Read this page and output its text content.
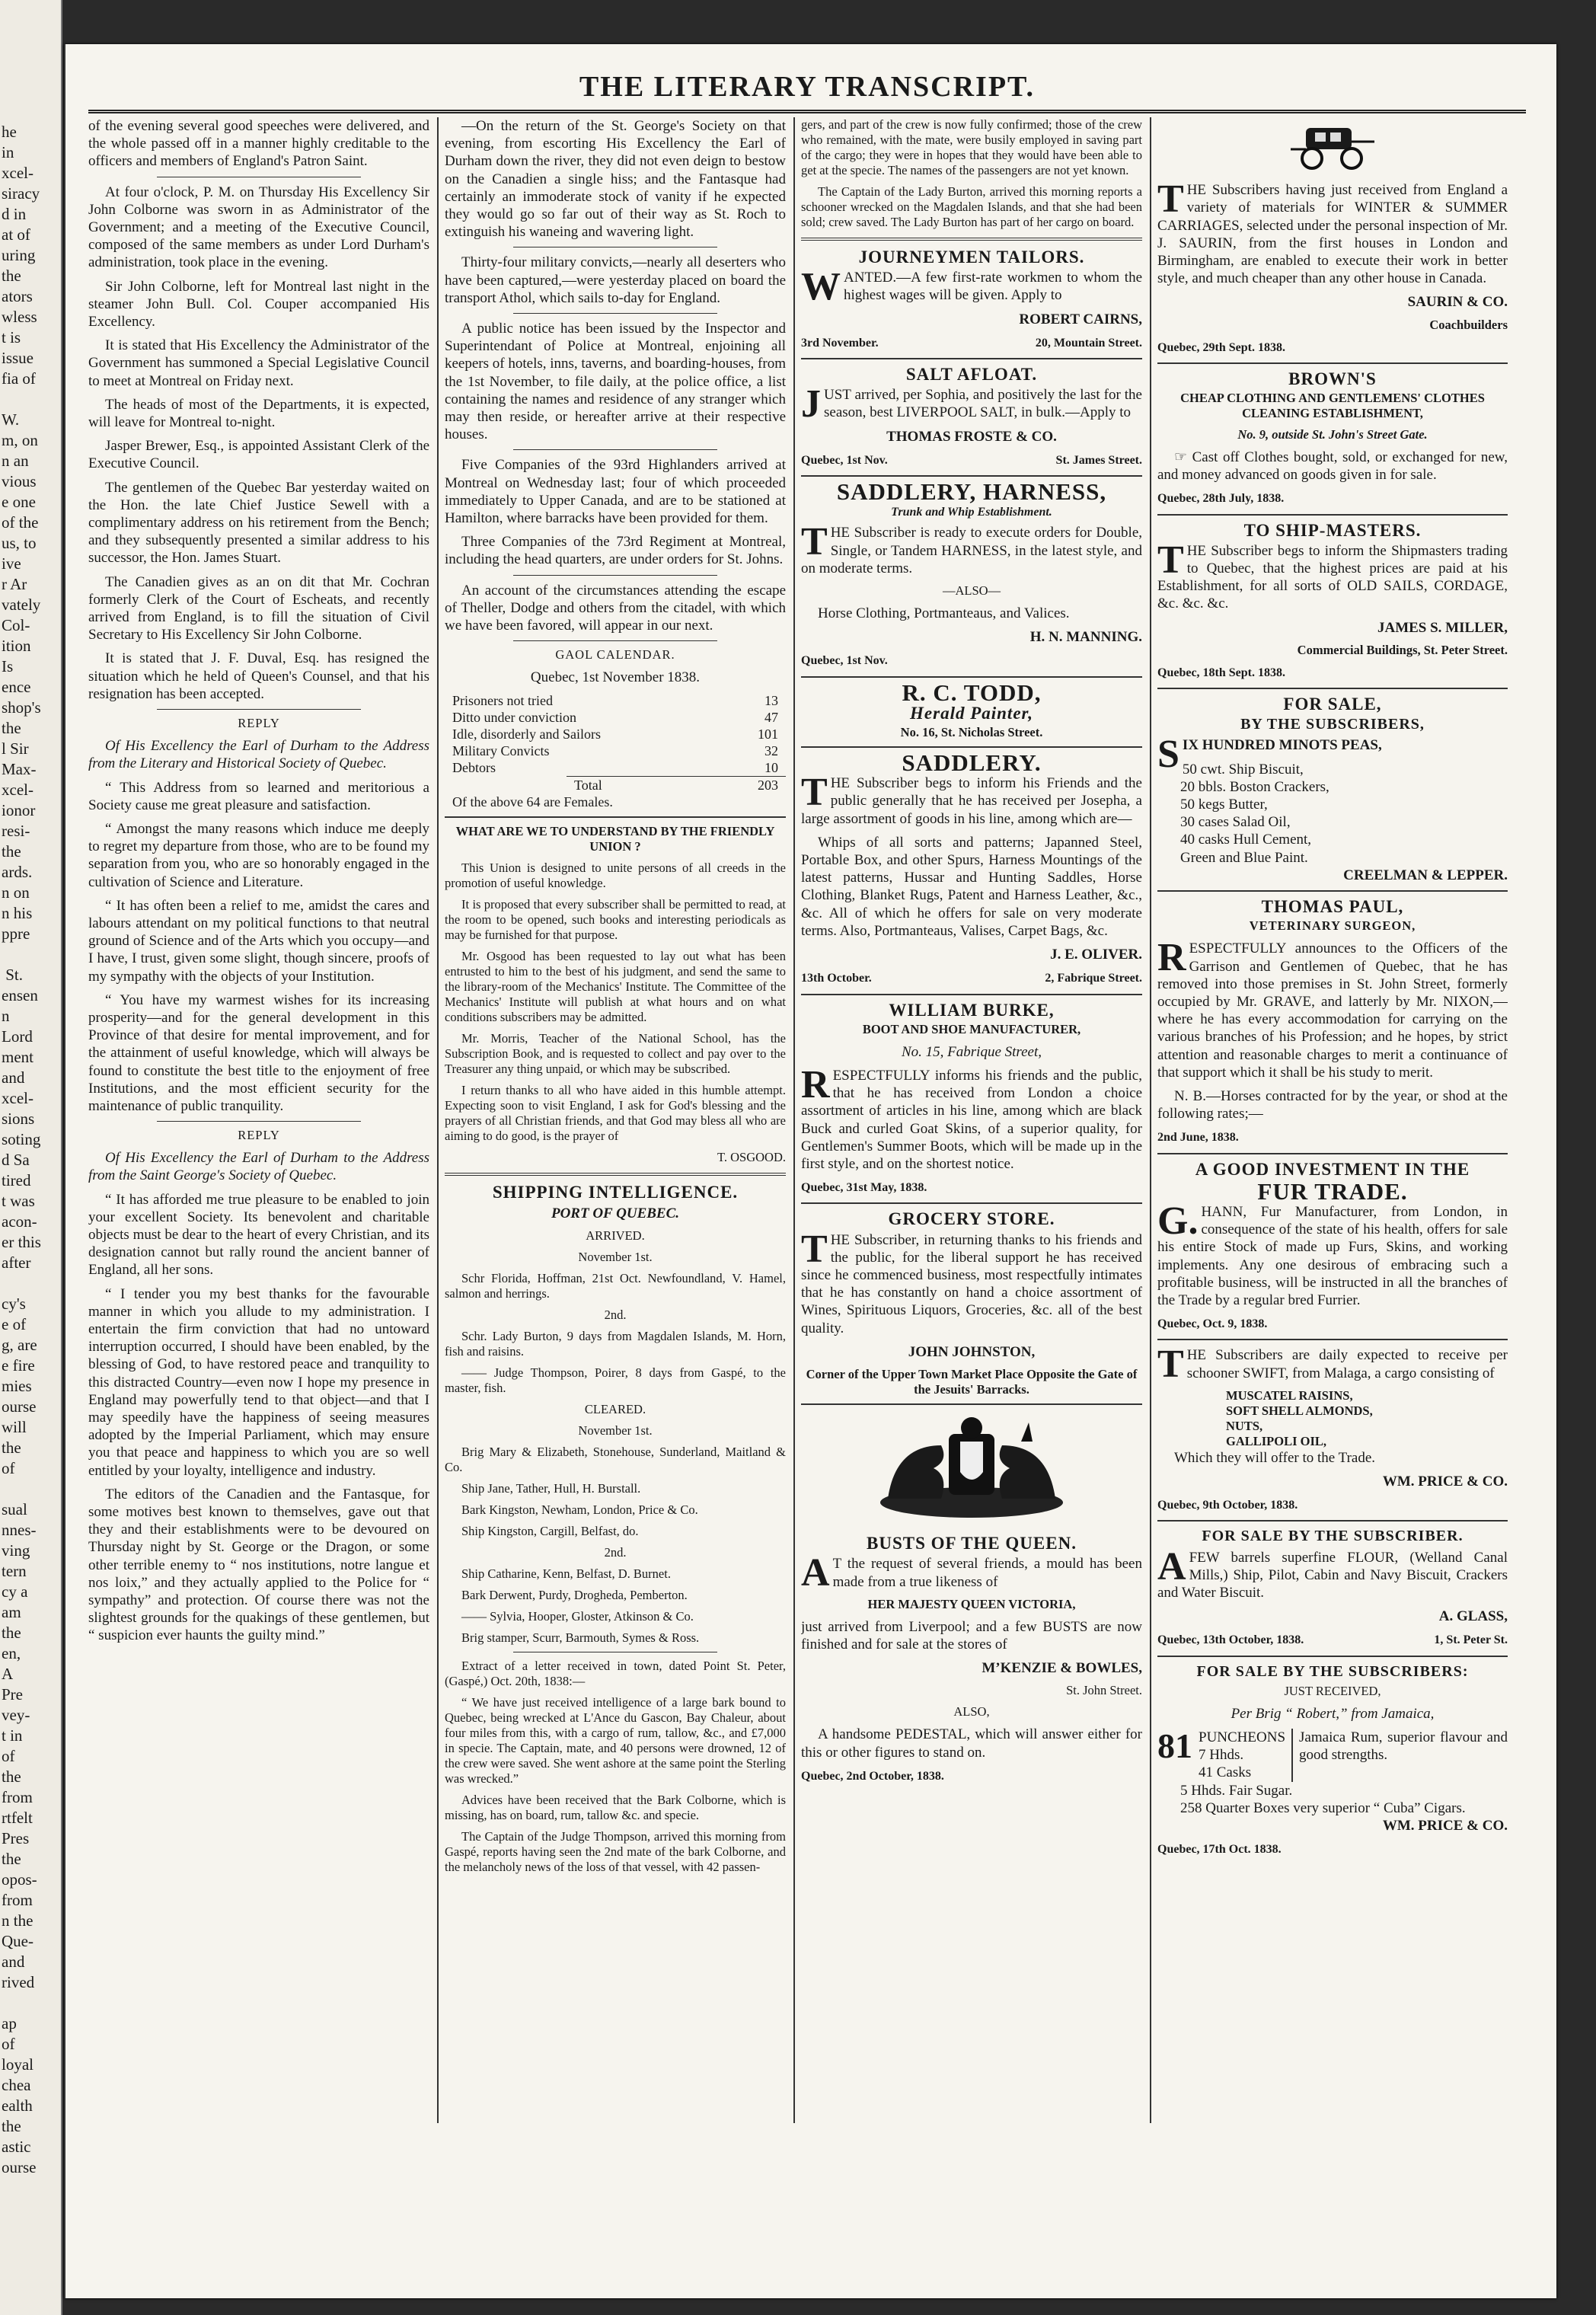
he
in
xcel-
siracy
d in
at of
uring
the
ators
wless
t is
issue
fia of

W.
m, on
n an
vious
e one
of the
us, to
ive
r Ar
vately
Col-
ition
Is
ence
shop's
the
l Sir
Max-
xcel-
ionor
resi-
the
ards.
n on
n his
ppre

St.
ensen
n
Lord
ment
and
xcel-
sions
soting
d Sa
tired
t was
acon-
er this
after

cy's
e of
g, are
e fire
mies
ourse
will
the
of

sual
nnes-
ving
tern
cy a
am
the
en,
A
Pre
vey-
t in
of
the
from
rtfelt
Pres
the
opos-
from
n the
Que-
and
rived

ap
of
loyal
chea
ealth
the
astic
ourse
THE LITERARY TRANSCRIPT.

of the evening several good speeches were delivered, and the whole passed off in a manner highly creditable to the officers and members of England's Patron Saint.

At four o'clock, P. M. on Thursday His Excellency Sir John Colborne was sworn in as Administrator of the Government; and a meeting of the Executive Council, composed of the same members as under Lord Durham's administration, took place in the evening.

Sir John Colborne, left for Montreal last night in the steamer John Bull. Col. Couper accompanied His Excellency.

It is stated that His Excellency the Administrator of the Government has summoned a Special Legislative Council to meet at Montreal on Friday next.

The heads of most of the Departments, it is expected, will leave for Montreal to-night.

Jasper Brewer, Esq., is appointed Assistant Clerk of the Executive Council.

The gentlemen of the Quebec Bar yesterday waited on the Hon. the late Chief Justice Sewell with a complimentary address on his retirement from the Bench; and they subsequently presented a similar address to his successor, the Hon. James Stuart.

The Canadien gives as an on dit that Mr. Cochran formerly Clerk of the Court of Escheats, and recently arrived from England, is to fill the situation of Civil Secretary to His Excellency Sir John Colborne.

It is stated that J. F. Duval, Esq. has resigned the situation which he held of Queen's Counsel, and that his resignation has been accepted.

REPLY

Of His Excellency the Earl of Durham to the Address from the Literary and Historical Society of Quebec.

“ This Address from so learned and meritorious a Society cause me great pleasure and satisfaction.

“ Amongst the many reasons which induce me deeply to regret my departure from those, who are to be found my separation from you, who are so honorably engaged in the cultivation of Science and Literature.

“ It has often been a relief to me, amidst the cares and labours attendant on my political functions to that neutral ground of Science and of the Arts which you occupy—and I have, I trust, given some slight, though sincere, proofs of my sympathy with the objects of your Institution.

“ You have my warmest wishes for its increasing prosperity—and for the general development in this Province of that desire for mental improvement, and for the attainment of useful knowledge, which will always be found to constitute the best title to the enjoyment of free Institutions, and the most efficient security for the maintenance of public tranquility.

REPLY

Of His Excellency the Earl of Durham to the Address from the Saint George's Society of Quebec.

“ It has afforded me true pleasure to be enabled to join your excellent Society. Its benevolent and charitable objects must be dear to the heart of every Christian, and its designation cannot but rally round the ancient banner of England, all her sons.

“ I tender you my best thanks for the favourable manner in which you allude to my administration. I entertain the firm conviction that had no untoward interruption occurred, I should have been enabled, by the blessing of God, to have restored peace and tranquility to this distracted Country—even now I hope my presence in England may powerfully tend to that object—and that I may speedily have the happiness of seeing measures adopted by the Imperial Parliament, which may ensure you that peace and happiness to which you are so well entitled by your loyalty, intelligence and industry.

The editors of the Canadien and the Fantasque, for some motives best known to themselves, gave out that they and their establishments were to be devoured on Thursday night by St. George or the Dragon, or some other terrible enemy to “ nos institutions, notre langue et nos loix,” and they actually applied to the Police for “ sympathy” and protection. Of course there was not the slightest grounds for the quakings of these gentlemen, but “ suspicion ever haunts the guilty mind.”

—On the return of the St. George's Society on that evening, from escorting His Excellency the Earl of Durham down the river, they did not even deign to bestow on the Canadien a single hiss; and the Fantasque had certainly an immoderate stock of vanity if he expected they would go so far out of their way as St. Roch to extinguish his waneing and wavering light.

Thirty-four military convicts,—nearly all deserters who have been captured,—were yesterday placed on board the transport Athol, which sails to-day for England.

A public notice has been issued by the Inspector and Superintendant of Police at Montreal, enjoining all keepers of hotels, inns, taverns, and boarding-houses, from the 1st November, to file daily, at the police office, a list containing the names and residence of any stranger which may then reside, or hereafter arrive at their respective houses.

Five Companies of the 93rd Highlanders arrived at Montreal on Wednesday last; four of which proceeded immediately to Upper Canada, and are to be stationed at Hamilton, where barracks have been provided for them.

Three Companies of the 73rd Regiment at Montreal, including the head quarters, are under orders for St. Johns.

An account of the circumstances attending the escape of Theller, Dodge and others from the citadel, with which we have been favored, will appear in our next.

GAOL CALENDAR.

Quebec, 1st November 1838.

Prisoners not tried	13
Ditto under conviction	47
Idle, disorderly and Sailors	101
Military Convicts	32
Debtors	10
Total	203
Of the above 64 are Females.

WHAT ARE WE TO UNDERSTAND BY THE FRIENDLY UNION ?

This Union is designed to unite persons of all creeds in the promotion of useful knowledge.

It is proposed that every subscriber shall be permitted to read, at the room to be opened, such books and interesting periodicals as may be furnished for that purpose.

Mr. Osgood has been requested to lay out what has been entrusted to him to the best of his judgment, and send the same to the library-room of the Mechanics' Institute. The Committee of the Mechanics' Institute will publish at what hours and on what conditions subscribers may be admitted.

Mr. Morris, Teacher of the National School, has the Subscription Book, and is requested to collect and pay over to the Treasurer any thing unpaid, or which may be subscribed.

I return thanks to all who have aided in this humble attempt. Expecting soon to visit England, I ask for God's blessing and the prayers of all Christian friends, and that God may bless all who are aiming to do good, is the prayer of

T. OSGOOD.

SHIPPING INTELLIGENCE.

PORT OF QUEBEC.

ARRIVED.

November 1st.

Schr Florida, Hoffman, 21st Oct. Newfoundland, V. Hamel, salmon and herrings.

2nd.

Schr. Lady Burton, 9 days from Magdalen Islands, M. Horn, fish and raisins.

—— Judge Thompson, Poirer, 8 days from Gaspé, to the master, fish.

CLEARED.

November 1st.

Brig Mary & Elizabeth, Stonehouse, Sunderland, Maitland & Co.

Ship Jane, Tather, Hull, H. Burstall.

Bark Kingston, Newham, London, Price & Co.

Ship Kingston, Cargill, Belfast, do.

2nd.

Ship Catharine, Kenn, Belfast, D. Burnet.

Bark Derwent, Purdy, Drogheda, Pemberton.

—— Sylvia, Hooper, Gloster, Atkinson & Co.

Brig stamper, Scurr, Barmouth, Symes & Ross.

Extract of a letter received in town, dated Point St. Peter, (Gaspé,) Oct. 20th, 1838:—

“ We have just received intelligence of a large bark bound to Quebec, being wrecked at L'Ance du Gascon, Bay Chaleur, about four miles from this, with a cargo of rum, tallow, &c., and £7,000 in specie. The Captain, mate, and 40 persons were drowned, 12 of the crew were saved. She went ashore at the same point the Sterling was wrecked.”

Advices have been received that the Bark Colborne, which is missing, has on board, rum, tallow &c. and specie.

The Captain of the Judge Thompson, arrived this morning from Gaspé, reports having seen the 2nd mate of the bark Colborne, and the melancholy news of the loss of that vessel, with 42 passen-

gers, and part of the crew is now fully confirmed; those of the crew who remained, with the mate, were busily employed in saving part of the cargo; they were in hopes that they would have been able to get at the specie. The names of the passengers are not yet known.

The Captain of the Lady Burton, arrived this morning reports a schooner wrecked on the Magdalen Islands, and that she had been sold; crew saved. The Lady Burton has part of her cargo on board.

JOURNEYMEN TAILORS.

WANTED.—A few first-rate workmen to whom the highest wages will be given. Apply to

ROBERT CAIRNS,

3rd November.	20, Mountain Street.

SALT AFLOAT.

JUST arrived, per Sophia, and positively the last for the season, best LIVERPOOL SALT, in bulk.—Apply to

THOMAS FROSTE & CO.

Quebec, 1st Nov.	St. James Street.

SADDLERY, HARNESS,

Trunk and Whip Establishment.

THE Subscriber is ready to execute orders for Double, Single, or Tandem HARNESS, in the latest style, and on moderate terms.

—ALSO—

Horse Clothing, Portmanteaus, and Valices.

H. N. MANNING.

Quebec, 1st Nov.

R. C. TODD,

Herald Painter,

No. 16, St. Nicholas Street.

SADDLERY.

THE Subscriber begs to inform his Friends and the public generally that he has received per Josepha, a large assortment of goods in his line, among which are—

Whips of all sorts and patterns; Japanned Steel, Portable Box, and other Spurs, Harness Mountings of the latest patterns, Hussar and Hunting Saddles, Horse Clothing, Blanket Rugs, Patent and Harness Leather, &c., &c. All of which he offers for sale on very moderate terms. Also, Portmanteaus, Valises, Carpet Bags, &c.

J. E. OLIVER.

13th October.	2, Fabrique Street.

WILLIAM BURKE,

BOOT AND SHOE MANUFACTURER,

No. 15, Fabrique Street,

RESPECTFULLY informs his friends and the public, that he has received from London a choice assortment of articles in his line, among which are black Buck and curled Goat Skins, of a superior quality, for Gentlemen's Summer Boots, which will be made up in the first style, and on the shortest notice.

Quebec, 31st May, 1838.

GROCERY STORE.

THE Subscriber, in returning thanks to his friends and the public, for the liberal support he has received since he commenced business, most respectfully intimates that he has constantly on hand a choice assortment of Wines, Spirituous Liquors, Groceries, &c. all of the best quality.

JOHN JOHNSTON,

Corner of the Upper Town Market Place Opposite the Gate of the Jesuits' Barracks.

BUSTS OF THE QUEEN.

AT the request of several friends, a mould has been made from a true likeness of

HER MAJESTY QUEEN VICTORIA,

just arrived from Liverpool; and a few BUSTS are now finished and for sale at the stores of

M’KENZIE & BOWLES,

St. John Street.

ALSO,

A handsome PEDESTAL, which will answer either for this or other figures to stand on.

Quebec, 2nd October, 1838.

THE Subscribers having just received from England a variety of materials for WINTER & SUMMER CARRIAGES, selected under the personal inspection of Mr. J. SAURIN, from the first houses in London and Birmingham, are enabled to execute their work in better style, and much cheaper than any other house in Canada.

SAURIN & CO.

Coachbuilders

Quebec, 29th Sept. 1838.

BROWN'S

CHEAP CLOTHING AND GENTLEMENS' CLOTHES CLEANING ESTABLISHMENT,

No. 9, outside St. John's Street Gate.

☞ Cast off Clothes bought, sold, or exchanged for new, and money advanced on goods given in for sale.

Quebec, 28th July, 1838.

TO SHIP-MASTERS.

THE Subscriber begs to inform the Shipmasters trading to Quebec, that the highest prices are paid at his Establishment, for all sorts of OLD SAILS, CORDAGE, &c. &c. &c.

JAMES S. MILLER,

Commercial Buildings, St. Peter Street.

Quebec, 18th Sept. 1838.

FOR SALE,

BY THE SUBSCRIBERS,

SIX HUNDRED MINOTS PEAS,

50 cwt. Ship Biscuit,
20 bbls. Boston Crackers,
50 kegs Butter,
30 cases Salad Oil,
40 casks Hull Cement,
Green and Blue Paint.

CREELMAN & LEPPER.

THOMAS PAUL,

VETERINARY SURGEON,

RESPECTFULLY announces to the Officers of the Garrison and Gentlemen of Quebec, that he has removed into those premises in St. John Street, formerly occupied by Mr. GRAVE, and latterly by Mr. NIXON,—where he has every accommodation for carrying on the various branches of his Profession; and he hopes, by strict attention and reasonable charges to merit a continuance of that support which it shall be his study to merit.

N. B.—Horses contracted for by the year, or shod at the following rates;—

2nd June, 1838.

A GOOD INVESTMENT IN THE

FUR TRADE.

G.HANN, Fur Manufacturer, from London, in consequence of the state of his health, offers for sale his entire Stock of made up Furs, Skins, and working implements. Any one desirous of embracing such a profitable business, will be instructed in all the branches of the Trade by a regular bred Furrier.

Quebec, Oct. 9, 1838.

THE Subscribers are daily expected to receive per schooner SWIFT, from Malaga, a cargo consisting of

MUSCATEL RAISINS,
SOFT SHELL ALMONDS,
NUTS,
GALLIPOLI OIL,

Which they will offer to the Trade.

WM. PRICE & CO.

Quebec, 9th October, 1838.

FOR SALE BY THE SUBSCRIBER.

AFEW barrels superfine FLOUR, (Welland Canal Mills,) Ship, Pilot, Cabin and Navy Biscuit, Crackers and Water Biscuit.

A. GLASS,

Quebec, 13th October, 1838.	1, St. Peter St.

FOR SALE BY THE SUBSCRIBERS:

JUST RECEIVED,

Per Brig “ Robert,” from Jamaica,

81 PUNCHEONS
7 Hhds.
41 Casks
Jamaica Rum, superior flavour and good strengths.
5 Hhds. Fair Sugar.
258 Quarter Boxes very superior “ Cuba” Cigars.

WM. PRICE & CO.

Quebec, 17th Oct. 1838.
